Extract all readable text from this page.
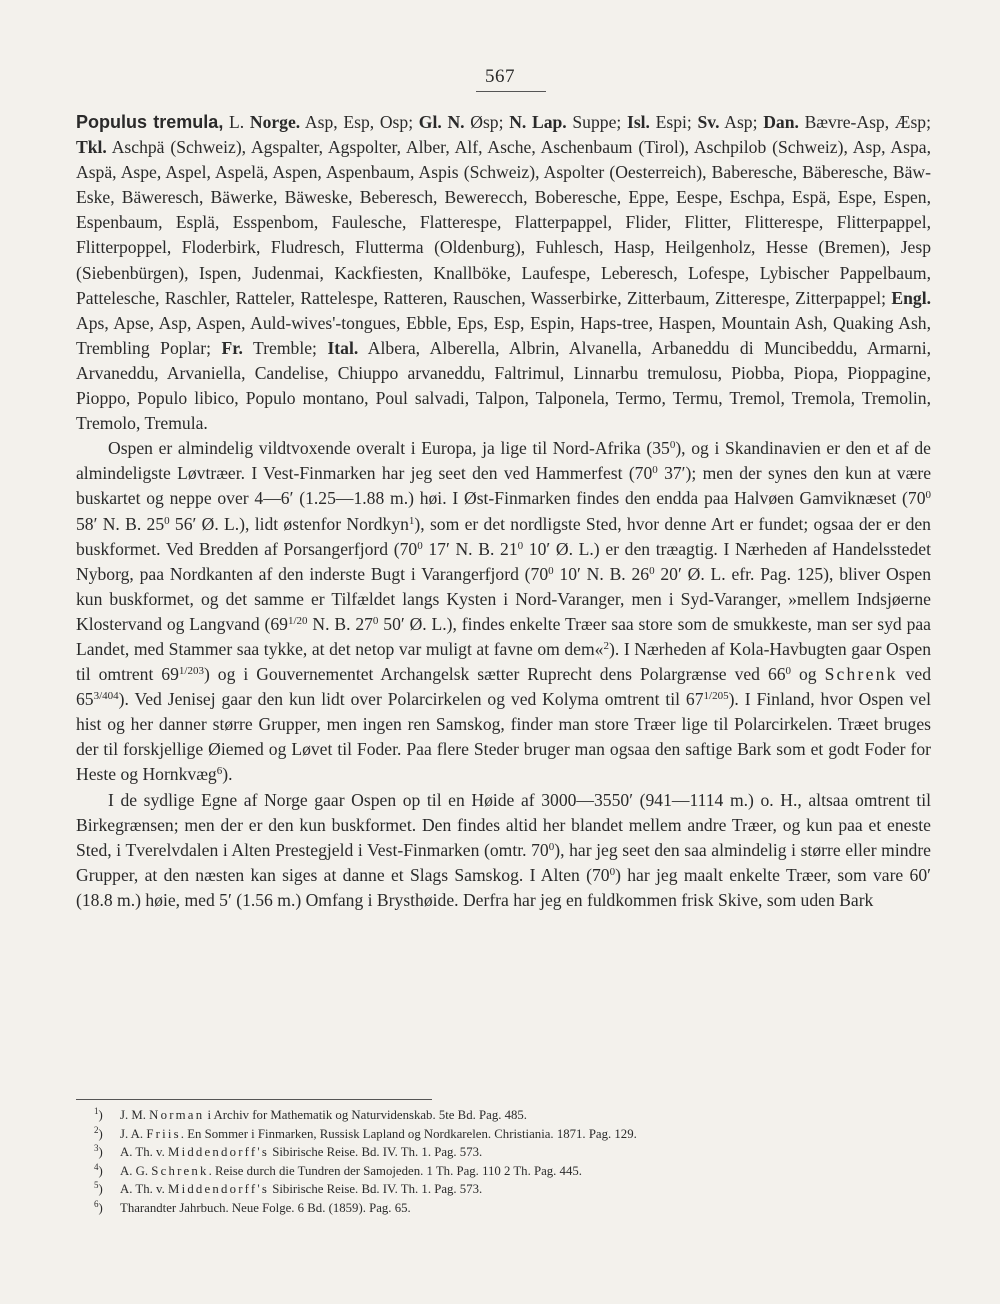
567

Populus tremula, L. Norge. Asp, Esp, Osp; Gl. N. Øsp; N. Lap. Suppe; Isl. Espi; Sv. Asp; Dan. Bævre-Asp, Æsp; Tkl. Aschpä (Schweiz), Agspalter, Agspolter, Alber, Alf, Asche, Aschenbaum (Tirol), Aschpilob (Schweiz), Asp, Aspa, Aspä, Aspe, Aspel, Aspelä, Aspen, Aspenbaum, Aspis (Schweiz), Aspolter (Oesterreich), Baberesche, Bäberesche, Bäw-Eske, Bäweresch, Bäwerke, Bäweske, Beberesch, Bewerесch, Boberesche, Eppe, Eespe, Eschpa, Espä, Espe, Espen, Espenbaum, Esplä, Esspenbom, Faulesche, Flatterespe, Flatterpappel, Flider, Flitter, Flitterespe, Flitterpappel, Flitterpoppel, Floderbirk, Fludresch, Flutterma (Oldenburg), Fuhlesch, Hasp, Heilgenholz, Hesse (Bremen), Jesp (Siebenbürgen), Ispen, Judenmai, Kackfiesten, Knallböke, Laufespe, Leberesch, Lofespe, Lybischer Pappelbaum, Pattelesche, Raschler, Ratteler, Rattelespe, Ratteren, Rauschen, Wasserbirke, Zitterbaum, Zitterespe, Zitterpappel; Engl. Aps, Apse, Asp, Aspen, Auld-wives'-tongues, Ebble, Eps, Esp, Espin, Haps-tree, Haspen, Mountain Ash, Quaking Ash, Trembling Poplar; Fr. Tremble; Ital. Albera, Alberella, Albrin, Alvanella, Arbaneddu di Muncibeddu, Armarni, Arvaneddu, Arvaniella, Candelise, Chiuppo arvaneddu, Faltrimul, Linnarbu tremulosu, Piobba, Piopa, Pioppagine, Pioppo, Populo libico, Populo montano, Poul salvadi, Talpon, Talponela, Termo, Termu, Tremol, Tremola, Tremolin, Tremolo, Tremula.

Ospen er almindelig vildtvoxende overalt i Europa, ja lige til Nord-Afrika $(35^0)$, og i Skandinavien er den et af de almindeligste Løvtræer. I Vest-Finmarken har jeg seet den ved Hammerfest ($70^0$ 37′); men der synes den kun at være buskartet og neppe over 4—6′ (1.25—1.88 m.) høi. I Øst-Finmarken findes den endda paa Halvøen Gamviknæset ($70^0$ 58′ N. B. $25^0$ 56′ Ø. L.), lidt østenfor Nordkyn$^1$), som er det nordligste Sted, hvor denne Art er fundet; ogsaa der er den buskformet. Ved Bredden af Porsangerfjord ($70^0$ 17′ N. B. $21^0$ 10′ Ø. L.) er den træagtig. I Nærheden af Handelsstedet Nyborg, paa Nordkanten af den inderste Bugt i Varangerfjord ($70^0$ 10′ N. B. $26^0$ 20′ Ø. L. efr. Pag. 125), bliver Ospen kun buskformet, og det samme er Tilfældet langs Kysten i Nord-Varanger, men i Syd-Varanger, »mellem Indsjøerne Klostervand og Langvand ($69^{1/20}$ N. B. $27^0$ 50′ Ø. L.), findes enkelte Træer saa store som de smukkeste, man ser syd paa Landet, med Stammer saa tykke, at det netop var muligt at favne om dem«$^2$). I Nærheden af Kola-Havbugten gaar Ospen til omtrent $69^{1/203}$) og i Gouvernementet Archangelsk sætter Ruprecht dens Polargrænse ved $66^0$ og Schrenk ved $65^{3/404}$). Ved Jenisej gaar den kun lidt over Polarcirkelen og ved Kolyma omtrent til $67^{1/205}$). I Finland, hvor Ospen vel hist og her danner større Grupper, men ingen ren Samskog, finder man store Træer lige til Polarcirkelen. Træet bruges der til forskjellige Øiemed og Løvet til Foder. Paa flere Steder bruger man ogsaa den saftige Bark som et godt Foder for Heste og Hornkvæg$^6$).

I de sydlige Egne af Norge gaar Ospen op til en Høide af 3000—3550′ (941—1114 m.) o. H., altsaa omtrent til Birkegrænsen; men der er den kun buskformet. Den findes altid her blandet mellem andre Træer, og kun paa et eneste Sted, i Tverelvdalen i Alten Prestegjeld i Vest-Finmarken (omtr. $70^0$), har jeg seet den saa almindelig i større eller mindre Grupper, at den næsten kan siges at danne et Slags Samskog. I Alten $(70^0)$ har jeg maalt enkelte Træer, som vare 60′ (18.8 m.) høie, med 5′ (1.56 m.) Omfang i Brysthøide. Derfra har jeg en fuldkommen frisk Skive, som uden Bark

$^1$) J. M. Norman i Archiv for Mathematik og Naturvidenskab. 5te Bd. Pag. 485.
$^2$) J. A. Friis. En Sommer i Finmarken, Russisk Lapland og Nordkarelen. Christiania. 1871. Pag. 129.
$^3$) A. Th. v. Middendorff's Sibirische Reise. Bd. IV. Th. 1. Pag. 573.
$^4$) A. G. Schrenk. Reise durch die Tundren der Samojeden. 1 Th. Pag. 110 2 Th. Pag. 445.
$^5$) A. Th. v. Middendorff's Sibirische Reise. Bd. IV. Th. 1. Pag. 573.
$^6$) Tharandter Jahrbuch. Neue Folge. 6 Bd. (1859). Pag. 65.
